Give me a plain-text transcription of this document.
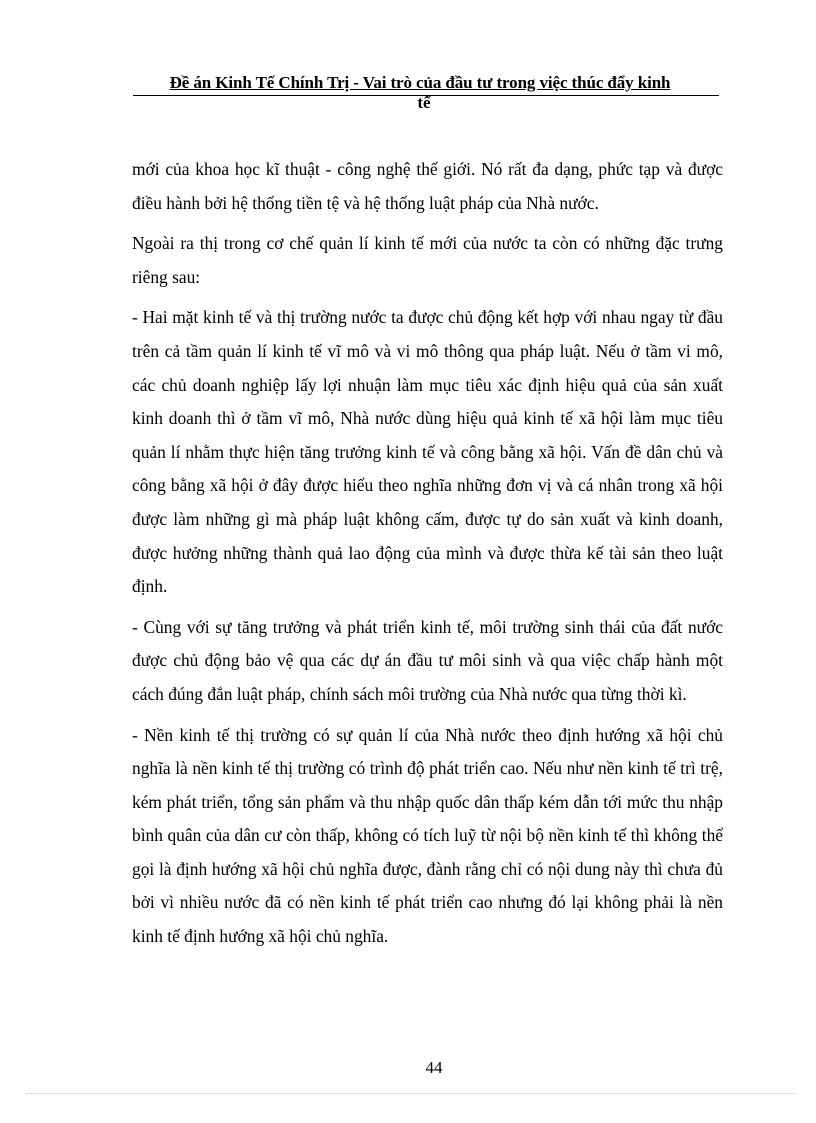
Đề án Kinh Tế Chính Trị - Vai trò của đầu tư trong việc thúc đẩy kinh
tế

mới của khoa học kĩ thuật - công nghệ thế giới. Nó rất đa dạng, phức tạp và được điều hành bởi hệ thống tiền tệ và hệ thống luật pháp của Nhà nước.

Ngoài ra thị trong cơ chế quản lí kinh tế mới của nước ta còn có những đặc trưng riêng sau:

- Hai mặt kinh tế và thị trường nước ta được chủ động kết hợp với nhau ngay từ đầu trên cả tầm quản lí kinh tế vĩ mô và vi mô thông qua pháp luật. Nếu ở tầm vi mô, các chủ doanh nghiệp lấy lợi nhuận làm mục tiêu xác định hiệu quả của sản xuất kinh doanh thì ở tầm vĩ mô, Nhà nước dùng hiệu quả kinh tế xã hội làm mục tiêu quản lí nhằm thực hiện tăng trưởng kinh tế và công bằng xã hội. Vấn đề dân chủ và công bằng xã hội ở đây được hiểu theo nghĩa những đơn vị và cá nhân trong xã hội được làm những gì mà pháp luật không cấm, được tự do sản xuất và kinh doanh, được hưởng những thành quả lao động của mình và được thừa kế tài sản theo luật định.

- Cùng với sự tăng trưởng và phát triển kinh tế, môi trường sinh thái của đất nước được chủ động bảo vệ qua các dự án đầu tư môi sinh và qua việc chấp hành một cách đúng đắn luật pháp, chính sách môi trường của Nhà nước qua từng thời kì.

- Nền kinh tế thị trường có sự quản lí của Nhà nước theo định hướng xã hội chủ nghĩa là nền kinh tế thị trường có trình độ phát triển cao. Nếu như nền kinh tế trì trệ, kém phát triển, tổng sản phẩm và thu nhập quốc dân thấp kém dẫn tới mức thu nhập bình quân của dân cư còn thấp, không có tích luỹ từ nội bộ nền kinh tế thì không thể gọi là định hướng xã hội chủ nghĩa được, đành rằng chỉ có nội dung này thì chưa đủ bởi vì nhiều nước đã có nền kinh tế phát triển cao nhưng đó lại không phải là nền kinh tế định hướng xã hội chủ nghĩa.

44
